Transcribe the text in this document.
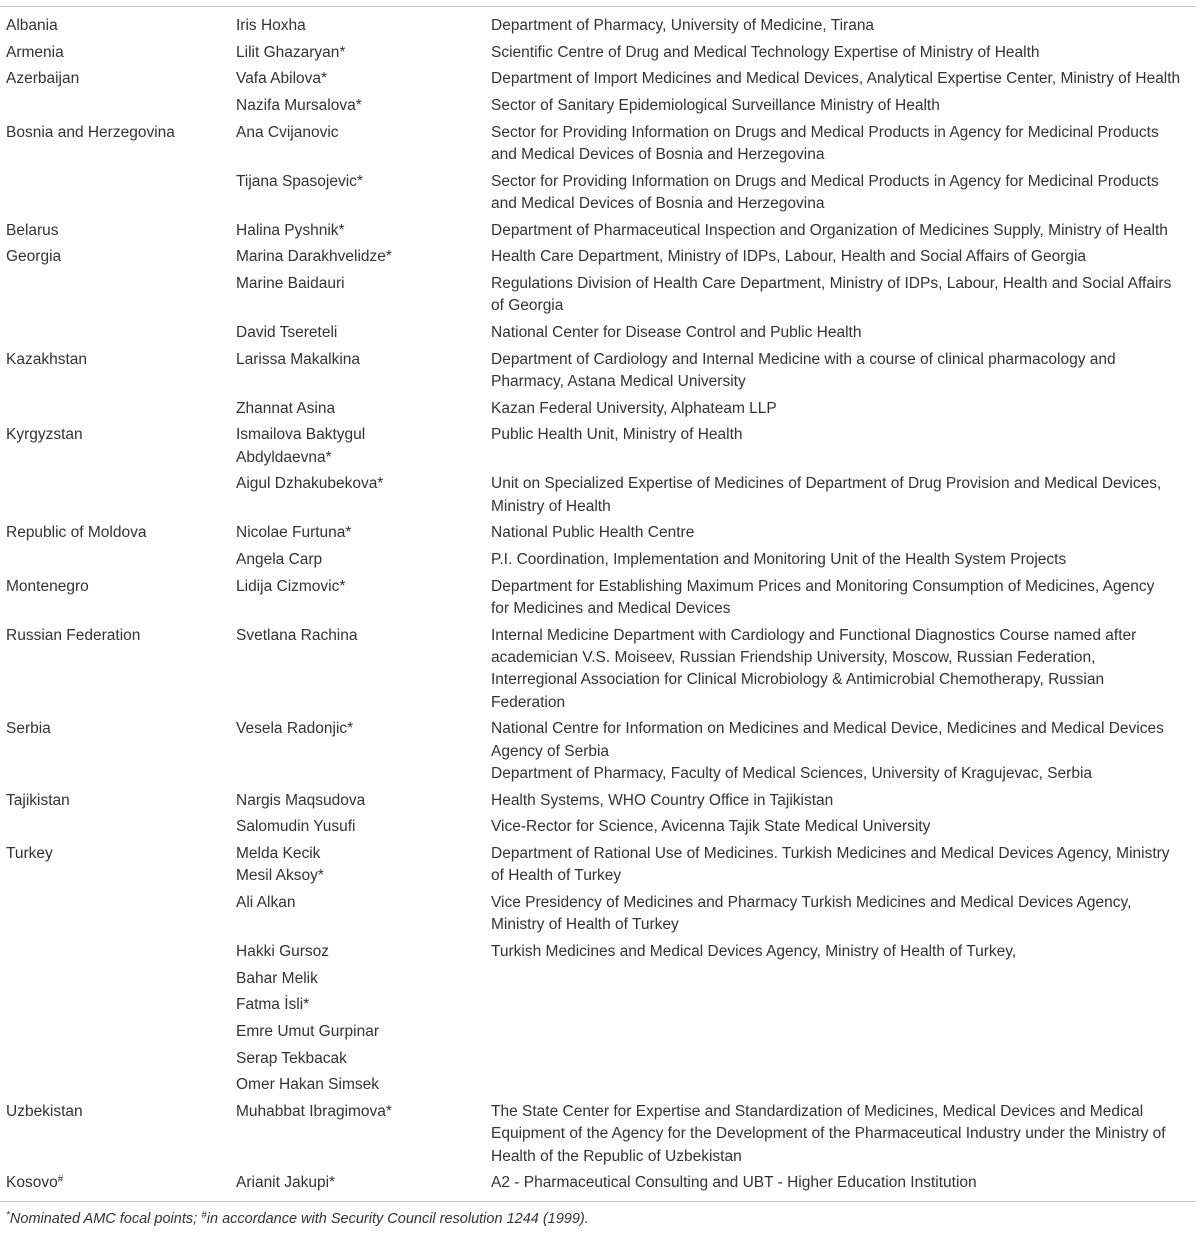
Albania	Iris Hoxha	Department of Pharmacy, University of Medicine, Tirana

Armenia	Lilit Ghazaryan*	Scientific Centre of Drug and Medical Technology Expertise of Ministry of Health

Azerbaijan	Vafa Abilova*	Department of Import Medicines and Medical Devices, Analytical Expertise Center, Ministry of Health

	Nazifa Mursalova*	Sector of Sanitary Epidemiological Surveillance Ministry of Health

Bosnia and Herzegovina	Ana Cvijanovic	Sector for Providing Information on Drugs and Medical Products in Agency for Medicinal Products
and Medical Devices of Bosnia and Herzegovina

	Tijana Spasojevic*	Sector for Providing Information on Drugs and Medical Products in Agency for Medicinal Products
and Medical Devices of Bosnia and Herzegovina

Belarus	Halina Pyshnik*	Department of Pharmaceutical Inspection and Organization of Medicines Supply, Ministry of Health

Georgia	Marina Darakhvelidze*	Health Care Department, Ministry of IDPs, Labour, Health and Social Affairs of Georgia

	Marine Baidauri	Regulations Division of Health Care Department, Ministry of IDPs, Labour, Health and Social Affairs
of Georgia

	David Tsereteli	National Center for Disease Control and Public Health

Kazakhstan	Larissa Makalkina	Department of Cardiology and Internal Medicine with a course of clinical pharmacology and
Pharmacy, Astana Medical University

	Zhannat Asina	Kazan Federal University, Alphateam LLP

Kyrgyzstan	Ismailova Baktygul
Abdyldaevna*	Public Health Unit, Ministry of Health

	Aigul Dzhakubekova*	Unit on Specialized Expertise of Medicines of Department of Drug Provision and Medical Devices,
Ministry of Health

Republic of Moldova	Nicolae Furtuna*	National Public Health Centre

	Angela Carp	P.I. Coordination, Implementation and Monitoring Unit of the Health System Projects

Montenegro	Lidija Cizmovic*	Department for Establishing Maximum Prices and Monitoring Consumption of Medicines, Agency
for Medicines and Medical Devices

Russian Federation	Svetlana Rachina	Internal Medicine Department with Cardiology and Functional Diagnostics Course named after
academician V.S. Moiseev, Russian Friendship University, Moscow, Russian Federation,
Interregional Association for Clinical Microbiology & Antimicrobial Chemotherapy, Russian
Federation

Serbia	Vesela Radonjic*	National Centre for Information on Medicines and Medical Device, Medicines and Medical Devices
Agency of Serbia
Department of Pharmacy, Faculty of Medical Sciences, University of Kragujevac, Serbia

Tajikistan	Nargis Maqsudova	Health Systems, WHO Country Office in Tajikistan

	Salomudin Yusufi	Vice-Rector for Science, Avicenna Tajik State Medical University

Turkey	Melda Kecik
Mesil Aksoy*	Department of Rational Use of Medicines. Turkish Medicines and Medical Devices Agency, Ministry
of Health of Turkey

	Ali Alkan	Vice Presidency of Medicines and Pharmacy Turkish Medicines and Medical Devices Agency,
Ministry of Health of Turkey

	Hakki Gursoz	Turkish Medicines and Medical Devices Agency, Ministry of Health of Turkey,

	Bahar Melik	

	Fatma İsli*	

	Emre Umut Gurpinar	

	Serap Tekbacak	

	Omer Hakan Simsek	

Uzbekistan	Muhabbat Ibragimova*	The State Center for Expertise and Standardization of Medicines, Medical Devices and Medical
Equipment of the Agency for the Development of the Pharmaceutical Industry under the Ministry of
Health of the Republic of Uzbekistan

Kosovo#	Arianit Jakupi*	A2 - Pharmaceutical Consulting and UBT - Higher Education Institution
*Nominated AMC focal points; #in accordance with Security Council resolution 1244 (1999).
